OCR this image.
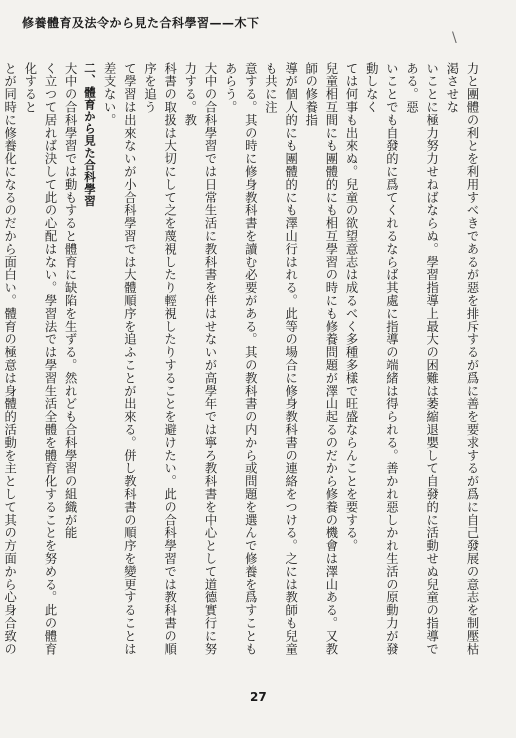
修養體育及法令から見た合科學習——木下
\

力と團體の利とを利用すべきであるが惡を排斥するが爲に善を要求するが爲に自己發展の意志を制壓枯渇させな

いことに極力努力せねばならぬ。學習指導上最大の困難は萎縮退嬰して自發的に活動せぬ兒童の指導である。惡

いことでも自發的に爲てくれるならば其處に指導の端緒は得られる。善かれ惡しかれ生活の原動力が發動しなく

ては何事も出來ぬ。兒童の欲望意志は成るべく多種多樣で旺盛ならんことを要する。

兒童相互間にも團體的にも相互學習の時にも修養問題が澤山起るのだから修養の機會は澤山ある。又教師の修養指

導が個人的にも團體的にも澤山行はれる。此等の場合に修身教科書の連絡をつける。之には教師も兒童も共に注

意する。其の時に修身教科書を讀む必要がある。其の教科書の内から或問題を選んで修養を爲すこともあらう。

大中の合科學習では日常生活に教科書を伴はせないが高學年では寧ろ教科書を中心として道德實行に努力する。教

科書の取扱は大切にして之を蔑視したり輕視したりすることを避けたい。此の合科學習では教科書の順序を追う

て學習は出來ないが小合科學習では大體順序を追ふことが出來る。併し教科書の順序を變更することは差支ない。

二、體育から見た合科學習

大中の合科學習では動もすると體育に缺陷を生ずる。然れども合科學習の組織が能

く立つて居れば決して此の心配はない。學習法では學習生活全體を體育化することを努める。此の體育化すると

とが同時に修養化になるのだから面白い。體育の極意は身體的活動を主として其の方面から心身合致の

27
